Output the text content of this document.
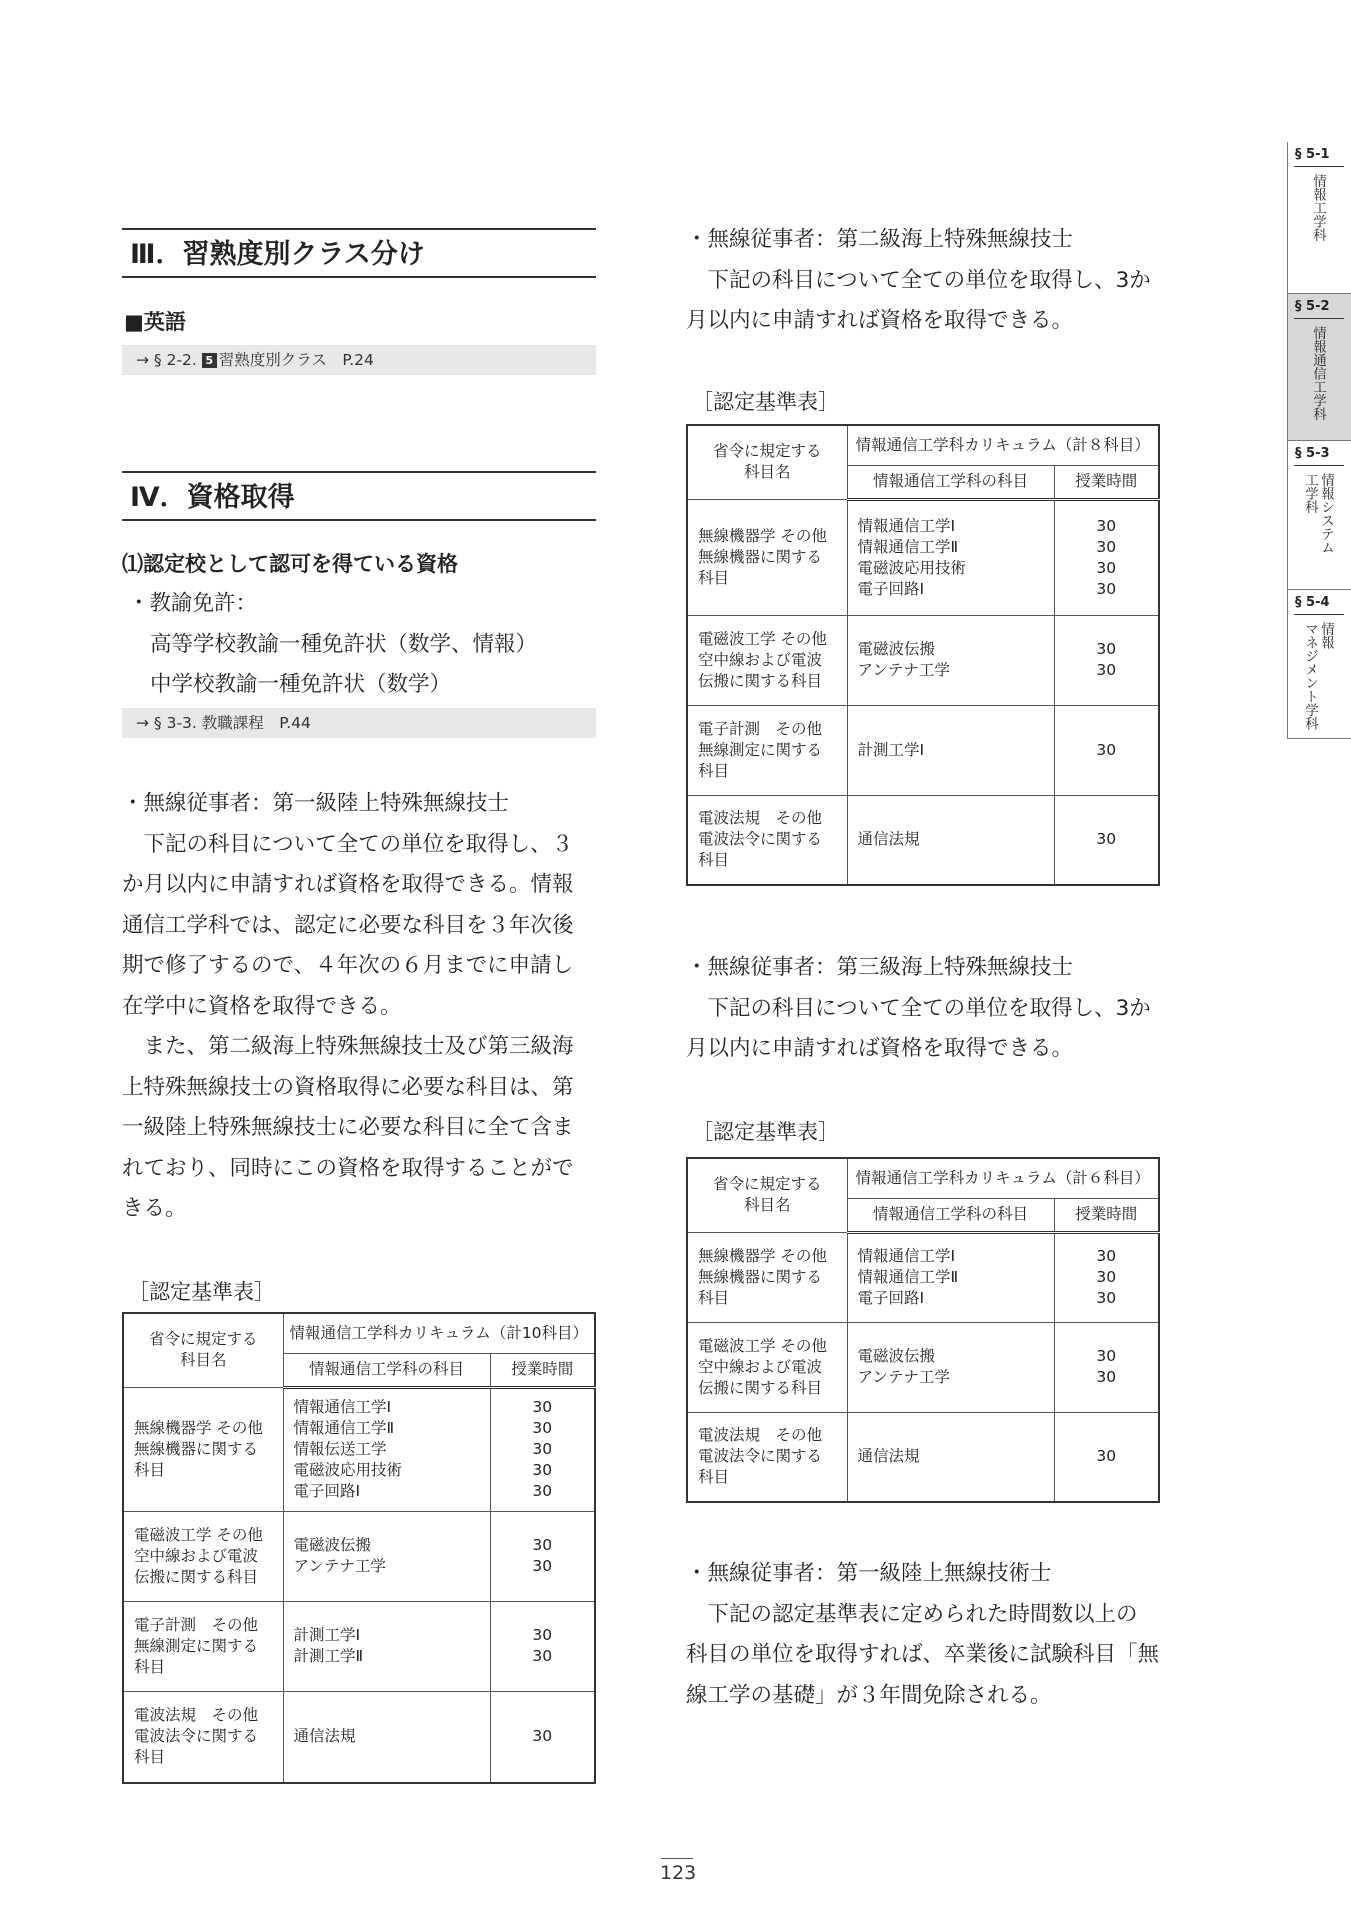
Ⅲ．習熟度別クラス分け
■英語
→ § 2-2. 5 習熟度別クラス　P.24
Ⅳ．資格取得
⑴認定校として認可を得ている資格
・教諭免許：
高等学校教諭一種免許状（数学、情報）
中学校教諭一種免許状（数学）
→ § 3-3. 教職課程　P.44
・無線従事者：第一級陸上特殊無線技士
　下記の科目について全ての単位を取得し、３
か月以内に申請すれば資格を取得できる。情報
通信工学科では、認定に必要な科目を３年次後
期で修了するので、４年次の６月までに申請し
在学中に資格を取得できる。
　また、第二級海上特殊無線技士及び第三級海
上特殊無線技士の資格取得に必要な科目は、第
一級陸上特殊無線技士に必要な科目に全て含ま
れており、同時にこの資格を取得することがで
きる。
［認定基準表］
省令に規定する
科目名	情報通信工学科カリキュラム（計10科目）	
	情報通信工学科の科目	授業時間

無線機器学 その他
無線機器に関する
科目	情報通信工学Ⅰ
情報通信工学Ⅱ
情報伝送工学
電磁波応用技術
電子回路Ⅰ	30
30
30
30
30

電磁波工学 その他
空中線および電波
伝搬に関する科目	電磁波伝搬
アンテナ工学	30
30

電子計測　その他
無線測定に関する
科目	計測工学Ⅰ
計測工学Ⅱ	30
30

電波法規　その他
電波法令に関する
科目	通信法規	30
・無線従事者：第二級海上特殊無線技士
　下記の科目について全ての単位を取得し、3か
月以内に申請すれば資格を取得できる。
［認定基準表］
省令に規定する
科目名	情報通信工学科カリキュラム（計８科目）	
	情報通信工学科の科目	授業時間

無線機器学 その他
無線機器に関する
科目	情報通信工学Ⅰ
情報通信工学Ⅱ
電磁波応用技術
電子回路Ⅰ	30
30
30
30

電磁波工学 その他
空中線および電波
伝搬に関する科目	電磁波伝搬
アンテナ工学	30
30

電子計測　その他
無線測定に関する
科目	計測工学Ⅰ	30

電波法規　その他
電波法令に関する
科目	通信法規	30
・無線従事者：第三級海上特殊無線技士
　下記の科目について全ての単位を取得し、3か
月以内に申請すれば資格を取得できる。
［認定基準表］
省令に規定する
科目名	情報通信工学科カリキュラム（計６科目）	
	情報通信工学科の科目	授業時間

無線機器学 その他
無線機器に関する
科目	情報通信工学Ⅰ
情報通信工学Ⅱ
電子回路Ⅰ	30
30
30

電磁波工学 その他
空中線および電波
伝搬に関する科目	電磁波伝搬
アンテナ工学	30
30

電波法規　その他
電波法令に関する
科目	通信法規	30
・無線従事者：第一級陸上無線技術士
　下記の認定基準表に定められた時間数以上の
科目の単位を取得すれば、卒業後に試験科目「無
線工学の基礎」が３年間免除される。
123
§ 5-1
情報工学科
§ 5-2
情報通信工学科
§ 5-3
情報システム
工学科
§ 5-4
情報
マネジメント学科
